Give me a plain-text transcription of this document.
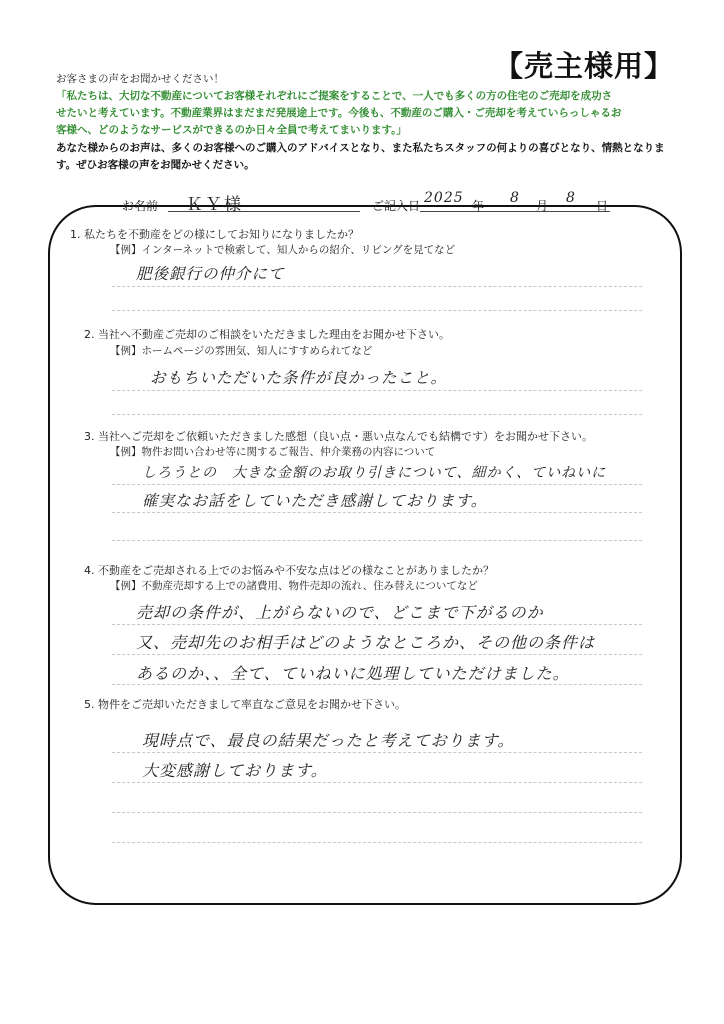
【売主様用】
お客さまの声をお聞かせください！
「私たちは、大切な不動産についてお客様それぞれにご提案をすることで、一人でも多くの方の住宅のご売却を成功さ
せたいと考えています。不動産業界はまだまだ発展途上です。今後も、不動産のご購入・ご売却を考えていらっしゃるお
客様へ、どのようなサービスができるのか日々全員で考えてまいります。」
あなた様からのお声は、多くのお客様へのご購入のアドバイスとなり、また私たちスタッフの何よりの喜びとなり、情熱となりま
す。ぜひお客様の声をお聞かせください。
お名前 ＫＹ様	ご記入日 2025 年 8 月 8 日
1. 私たちを不動産をどの様にしてお知りになりましたか？
【例】インターネットで検索して、知人からの紹介、リビングを見てなど
肥後銀行の仲介にて
2. 当社へ不動産ご売却のご相談をいただきました理由をお聞かせ下さい。
【例】ホームページの雰囲気、知人にすすめられてなど
おもちいただいた条件が良かったこと。
3. 当社へご売却をご依頼いただきました感想（良い点・悪い点なんでも結構です）をお聞かせ下さい。
【例】物件お問い合わせ等に関するご報告、仲介業務の内容について
しろうとの　大きな金額のお取り引きについて、細かく、ていねいに
確実なお話をしていただき感謝しております。
4. 不動産をご売却される上でのお悩みや不安な点はどの様なことがありましたか？
【例】不動産売却する上での諸費用、物件売却の流れ、住み替えについてなど
売却の条件が、上がらないので、どこまで下がるのか
又、売却先のお相手はどのようなところか、その他の条件は
あるのか、、全て、ていねいに処理していただけました。
5. 物件をご売却いただきまして率直なご意見をお聞かせ下さい。
現時点で、最良の結果だったと考えております。
大変感謝しております。
